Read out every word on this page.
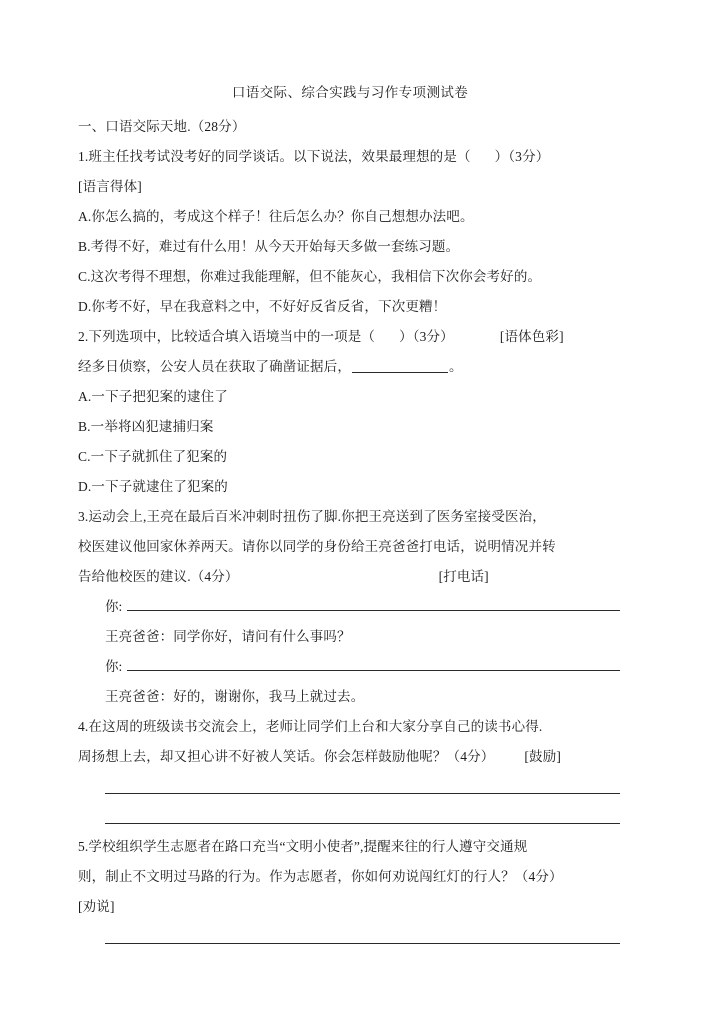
口语交际、综合实践与习作专项测试卷
一、口语交际天地.（28分）
1.班主任找考试没考好的同学谈话。以下说法，效果最理想的是（ ）（3分）
[语言得体]
A.你怎么搞的，考成这个样子！往后怎么办？你自己想想办法吧。
B.考得不好，难过有什么用！从今天开始每天多做一套练习题。
C.这次考得不理想，你难过我能理解，但不能灰心，我相信下次你会考好的。
D.你考不好，早在我意料之中，不好好反省反省，下次更糟！
2.下列选项中，比较适合填入语境当中的一项是（ ）（3分）	[语体色彩]
经多日侦察，公安人员在获取了确凿证据后，	。
A.一下子把犯案的逮住了
B.一举将凶犯逮捕归案
C.一下子就抓住了犯案的
D.一下子就逮住了犯案的
3.运动会上,王亮在最后百米冲刺时扭伤了脚.你把王亮送到了医务室接受医治，
校医建议他回家休养两天。请你以同学的身份给王亮爸爸打电话，说明情况并转
告给他校医的建议.（4分）	[打电话]
你:
王亮爸爸：同学你好，请问有什么事吗？
你:
王亮爸爸：好的，谢谢你，我马上就过去。
4.在这周的班级读书交流会上，老师让同学们上台和大家分享自己的读书心得.
周扬想上去，却又担心讲不好被人笑话。你会怎样鼓励他呢？（4分） [鼓励]
5.学校组织学生志愿者在路口充当“文明小使者”,提醒来往的行人遵守交通规
则，制止不文明过马路的行为。作为志愿者，你如何劝说闯红灯的行人？（4分）
[劝说]
